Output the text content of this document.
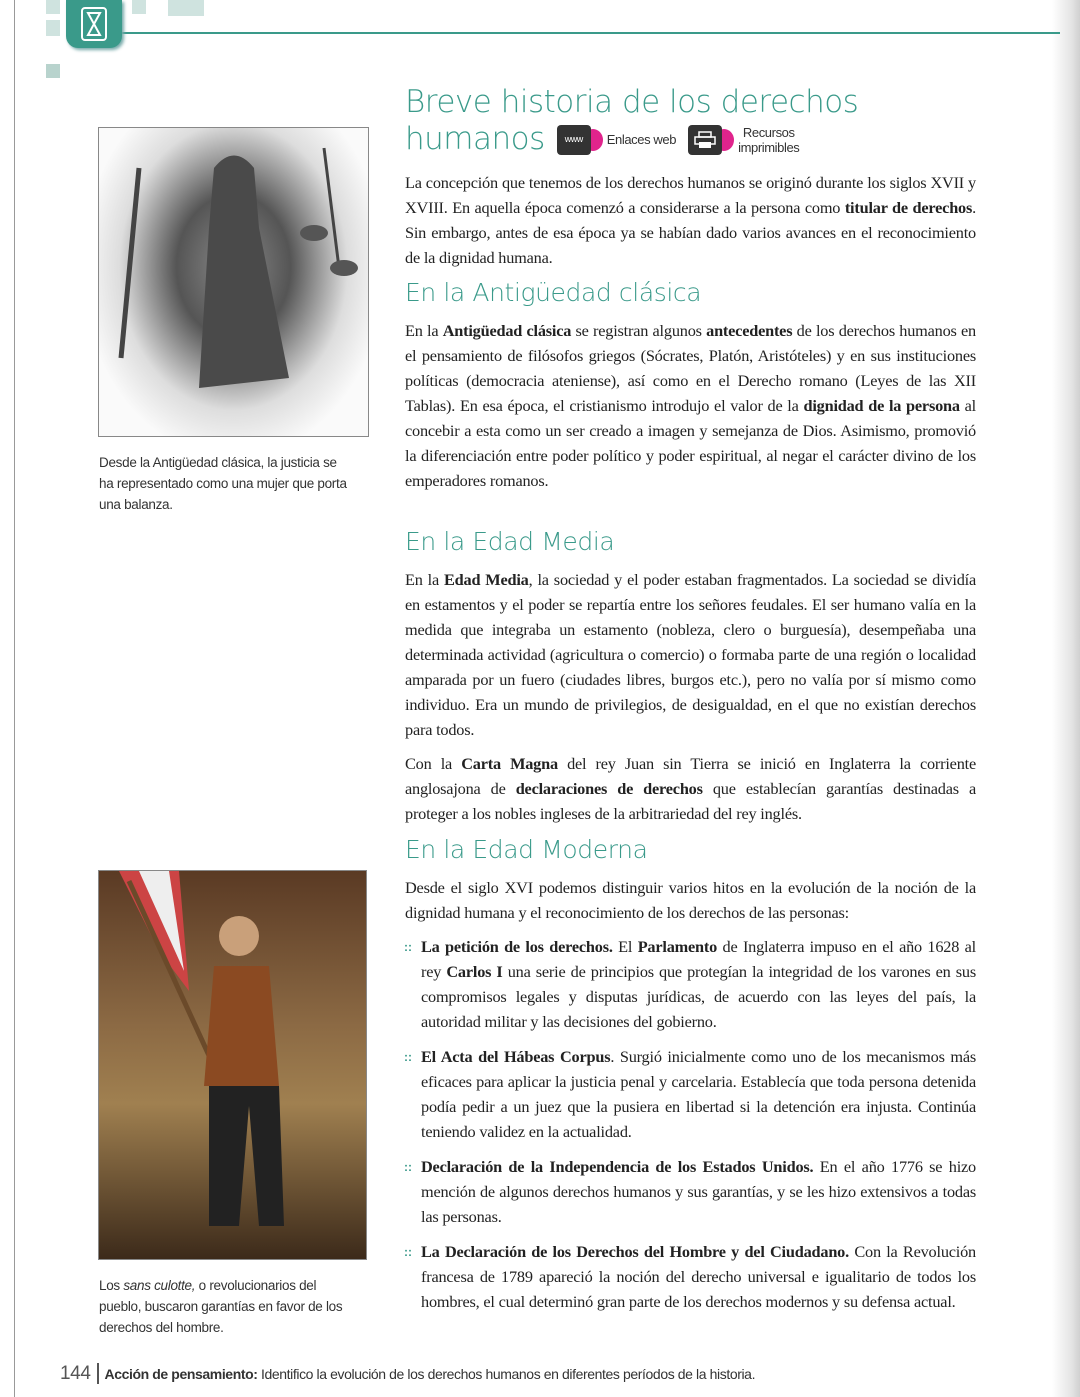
Breve historia de los derechos
humanos	www	Enlaces web	Recursos
imprimibles
Desde la Antigüedad clásica, la justicia se ha representado como una mujer que porta una balanza.
Los sans culotte, o revolucionarios del pueblo, buscaron garantías en favor de los derechos del hombre.

La concepción que tenemos de los derechos humanos se originó durante los siglos XVII y XVIII. En aquella época comenzó a considerarse a la persona como titular de derechos. Sin embargo, antes de esa época ya se habían dado varios avances en el reconocimiento de la dignidad humana.

En la Antigüedad clásica

En la Antigüedad clásica se registran algunos antecedentes de los derechos humanos en el pensamiento de filósofos griegos (Sócrates, Platón, Aristóteles) y en sus instituciones políticas (democracia ateniense), así como en el Derecho romano (Leyes de las XII Tablas). En esa época, el cristianismo introdujo el valor de la dignidad de la persona al concebir a esta como un ser creado a imagen y semejanza de Dios. Asimismo, promovió la diferenciación entre poder político y poder espiritual, al negar el carácter divino de los emperadores romanos.

En la Edad Media

En la Edad Media, la sociedad y el poder estaban fragmentados. La sociedad se dividía en estamentos y el poder se repartía entre los señores feudales. El ser humano valía en la medida que integraba un estamento (nobleza, clero o burguesía), desempeñaba una determinada actividad (agricultura o comercio) o formaba parte de una región o localidad amparada por un fuero (ciudades libres, burgos etc.), pero no valía por sí mismo como individuo. Era un mundo de privilegios, de desigualdad, en el que no existían derechos para todos.

Con la Carta Magna del rey Juan sin Tierra se inició en Inglaterra la corriente anglosajona de declaraciones de derechos que establecían garantías destinadas a proteger a los nobles ingleses de la arbitrariedad del rey inglés.

En la Edad Moderna

Desde el siglo XVI podemos distinguir varios hitos en la evolución de la noción de la dignidad humana y el reconocimiento de los derechos de las personas:

:: La petición de los derechos. El Parlamento de Inglaterra impuso en el año 1628 al rey Carlos I una serie de principios que protegían la integridad de los varones en sus compromisos legales y disputas jurídicas, de acuerdo con las leyes del país, la autoridad militar y las decisiones del gobierno.

:: El Acta del Hábeas Corpus. Surgió inicialmente como uno de los mecanismos más eficaces para aplicar la justicia penal y carcelaria. Establecía que toda persona detenida podía pedir a un juez que la pusiera en libertad si la detención era injusta. Continúa teniendo validez en la actualidad.

:: Declaración de la Independencia de los Estados Unidos. En el año 1776 se hizo mención de algunos derechos humanos y sus garantías, y se les hizo extensivos a todas las personas.

:: La Declaración de los Derechos del Hombre y del Ciudadano. Con la Revolución francesa de 1789 apareció la noción del derecho universal e igualitario de todos los hombres, el cual determinó gran parte de los derechos modernos y su defensa actual.

144 Acción de pensamiento: Identifico la evolución de los derechos humanos en diferentes períodos de la historia.
